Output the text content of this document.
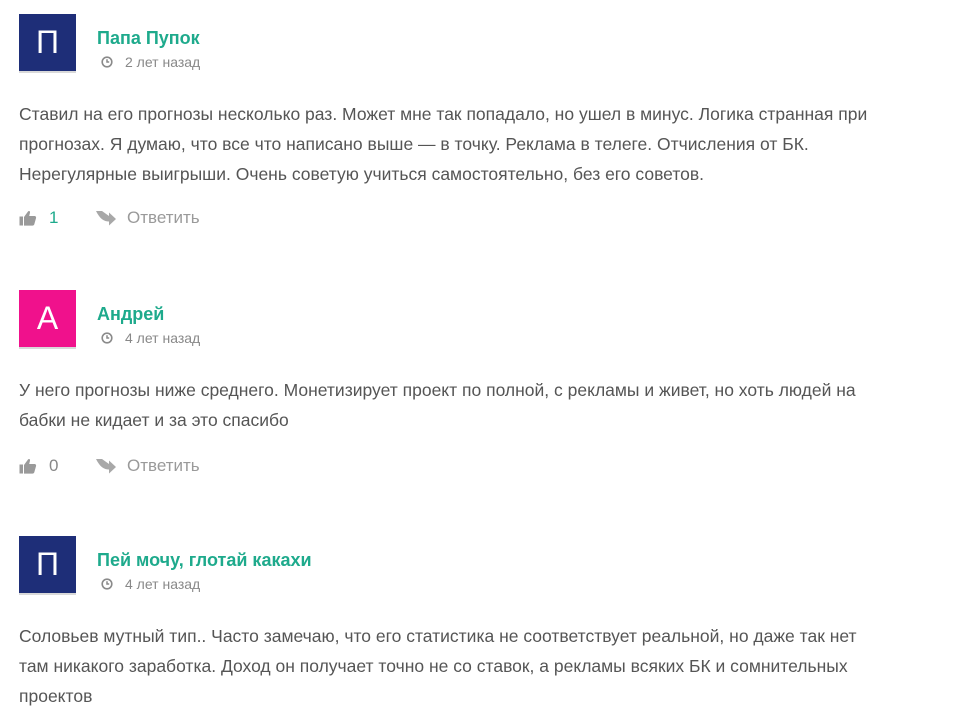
П	Папа Пупок
2 лет назад
Ставил на его прогнозы несколько раз. Может мне так попадало, но ушел в минус. Логика странная при
прогнозах. Я думаю, что все что написано выше — в точку. Реклама в телеге. Отчисления от БК.
Нерегулярные выигрыши. Очень советую учиться самостоятельно, без его советов.
1	Ответить
А	Андрей
4 лет назад
У него прогнозы ниже среднего. Монетизирует проект по полной, с рекламы и живет, но хоть людей на
бабки не кидает и за это спасибо
0	Ответить
П	Пей мочу, глотай какахи
4 лет назад
Соловьев мутный тип.. Часто замечаю, что его статистика не соответствует реальной, но даже так нет
там никакого заработка. Доход он получает точно не со ставок, а рекламы всяких БК и сомнительных
проектов
